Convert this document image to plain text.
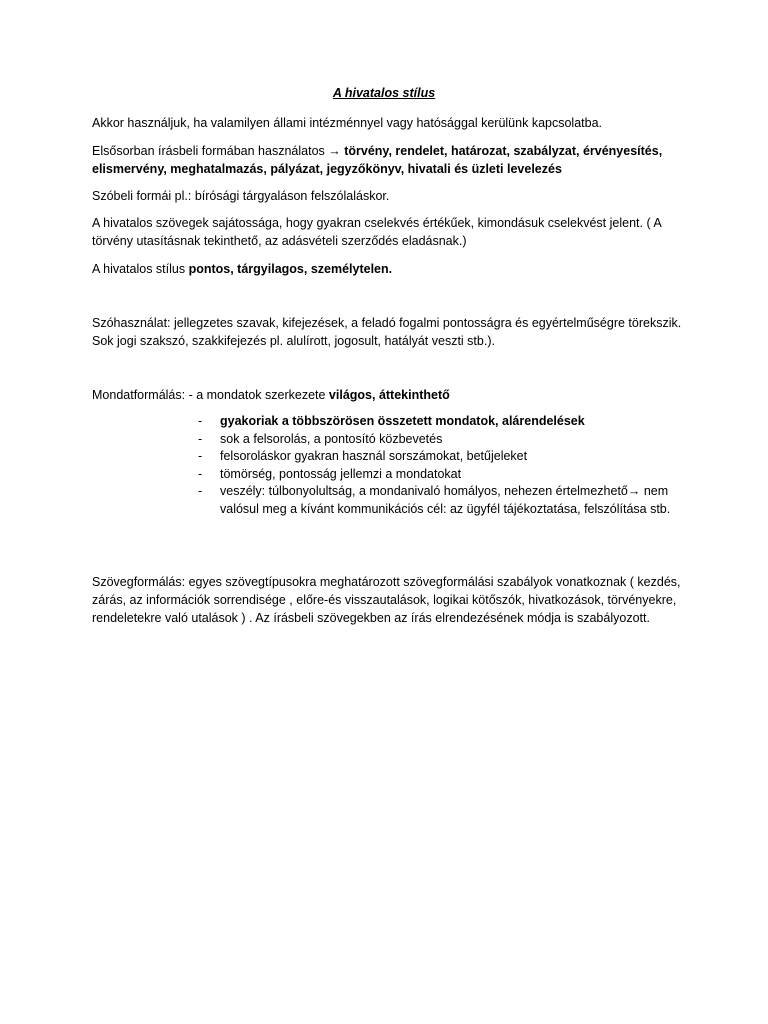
A hivatalos stílus
Akkor használjuk, ha valamilyen állami intézménnyel vagy hatósággal kerülünk kapcsolatba.
Elsősorban írásbeli formában használatos → törvény, rendelet, határozat, szabályzat, érvényesítés, elismervény, meghatalmazás, pályázat, jegyzőkönyv, hivatali és üzleti levelezés
Szóbeli formái pl.: bírósági tárgyaláson felszólaláskor.
A hivatalos szövegek sajátossága, hogy gyakran cselekvés értékűek, kimondásuk cselekvést jelent. ( A törvény utasításnak tekinthető, az adásvételi szerződés eladásnak.)
A hivatalos stílus pontos, tárgyilagos, személytelen.
Szóhasználat: jellegzetes szavak, kifejezések, a feladó fogalmi pontosságra és egyértelműségre törekszik. Sok jogi szakszó, szakkifejezés pl. alulírott, jogosult, hatályát veszti stb.).
Mondatformálás: - a mondatok szerkezete világos, áttekinthető
- gyakoriak a többszörösen összetett mondatok, alárendelések
- sok a felsorolás, a pontosító közbevetés
- felsoroláskor gyakran használ sorszámokat, betűjeleket
- tömörség, pontosság jellemzi a mondatokat
- veszély: túlbonyolultság, a mondanivaló homályos, nehezen értelmezhető→ nem valósul meg a kívánt kommunikációs cél: az ügyfél tájékoztatása, felszólítása stb.
Szövegformálás: egyes szövegtípusokra meghatározott szövegformálási szabályok vonatkoznak ( kezdés, zárás, az információk sorrendisége , előre-és visszautalások, logikai kötőszók, hivatkozások, törvényekre, rendeletekre való utalások ) . Az írásbeli szövegekben az írás elrendezésének módja is szabályozott.
